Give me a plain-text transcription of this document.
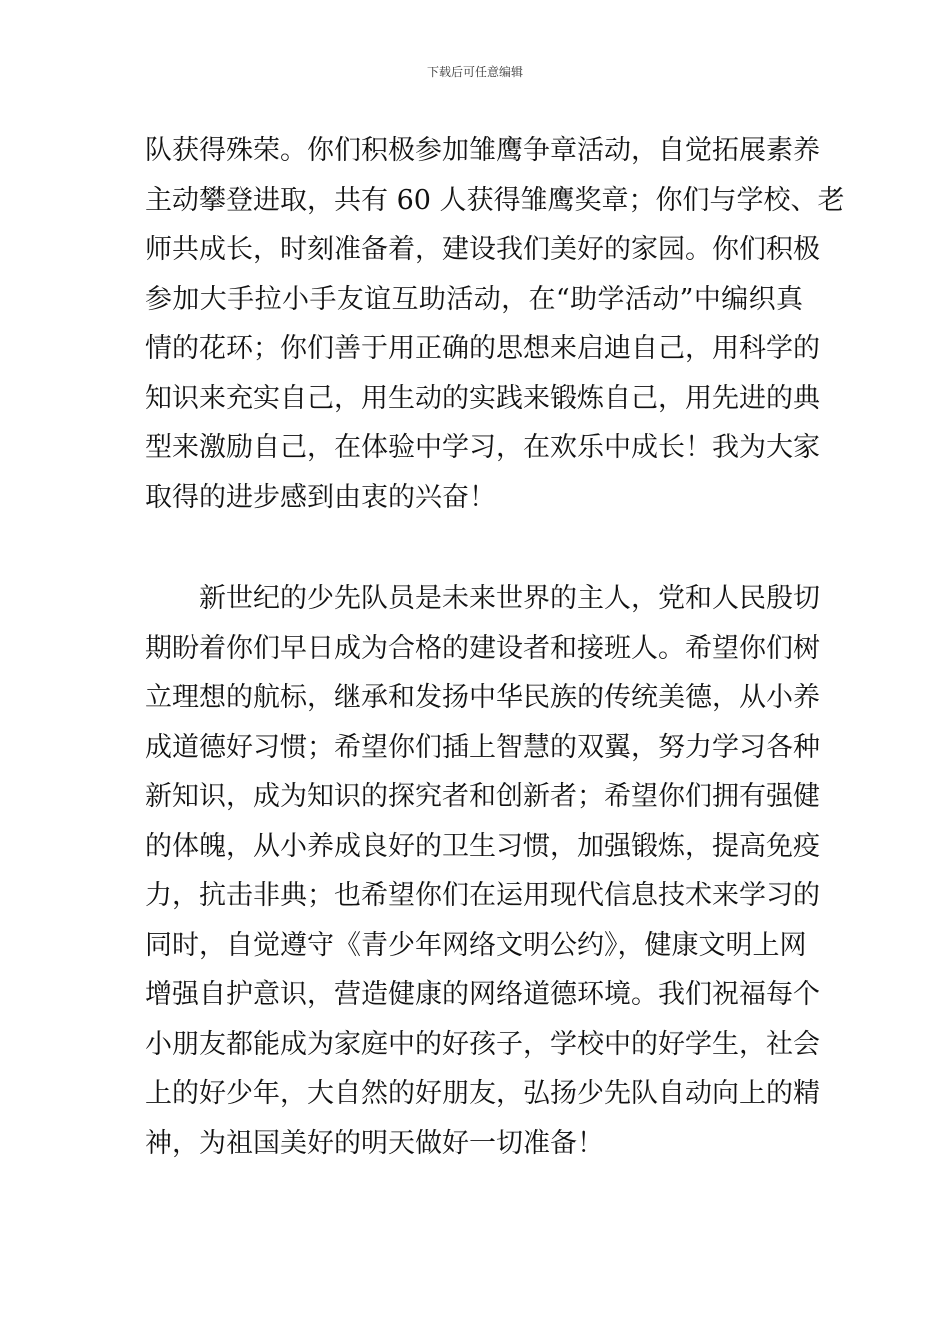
下载后可任意编辑
队获得殊荣。你们积极参加雏鹰争章活动，自觉拓展素养
主动攀登进取，共有 60 人获得雏鹰奖章；你们与学校、老
师共成长，时刻准备着，建设我们美好的家园。你们积极
参加大手拉小手友谊互助活动，在“助学活动”中编织真
情的花环；你们善于用正确的思想来启迪自己，用科学的
知识来充实自己，用生动的实践来锻炼自己，用先进的典
型来激励自己，在体验中学习，在欢乐中成长！我为大家
取得的进步感到由衷的兴奋！
　　新世纪的少先队员是未来世界的主人，党和人民殷切
期盼着你们早日成为合格的建设者和接班人。希望你们树
立理想的航标，继承和发扬中华民族的传统美德，从小养
成道德好习惯；希望你们插上智慧的双翼，努力学习各种
新知识，成为知识的探究者和创新者；希望你们拥有强健
的体魄，从小养成良好的卫生习惯，加强锻炼，提高免疫
力，抗击非典；也希望你们在运用现代信息技术来学习的
同时，自觉遵守《青少年网络文明公约》，健康文明上网
增强自护意识，营造健康的网络道德环境。我们祝福每个
小朋友都能成为家庭中的好孩子，学校中的好学生，社会
上的好少年，大自然的好朋友，弘扬少先队自动向上的精
神，为祖国美好的明天做好一切准备！
